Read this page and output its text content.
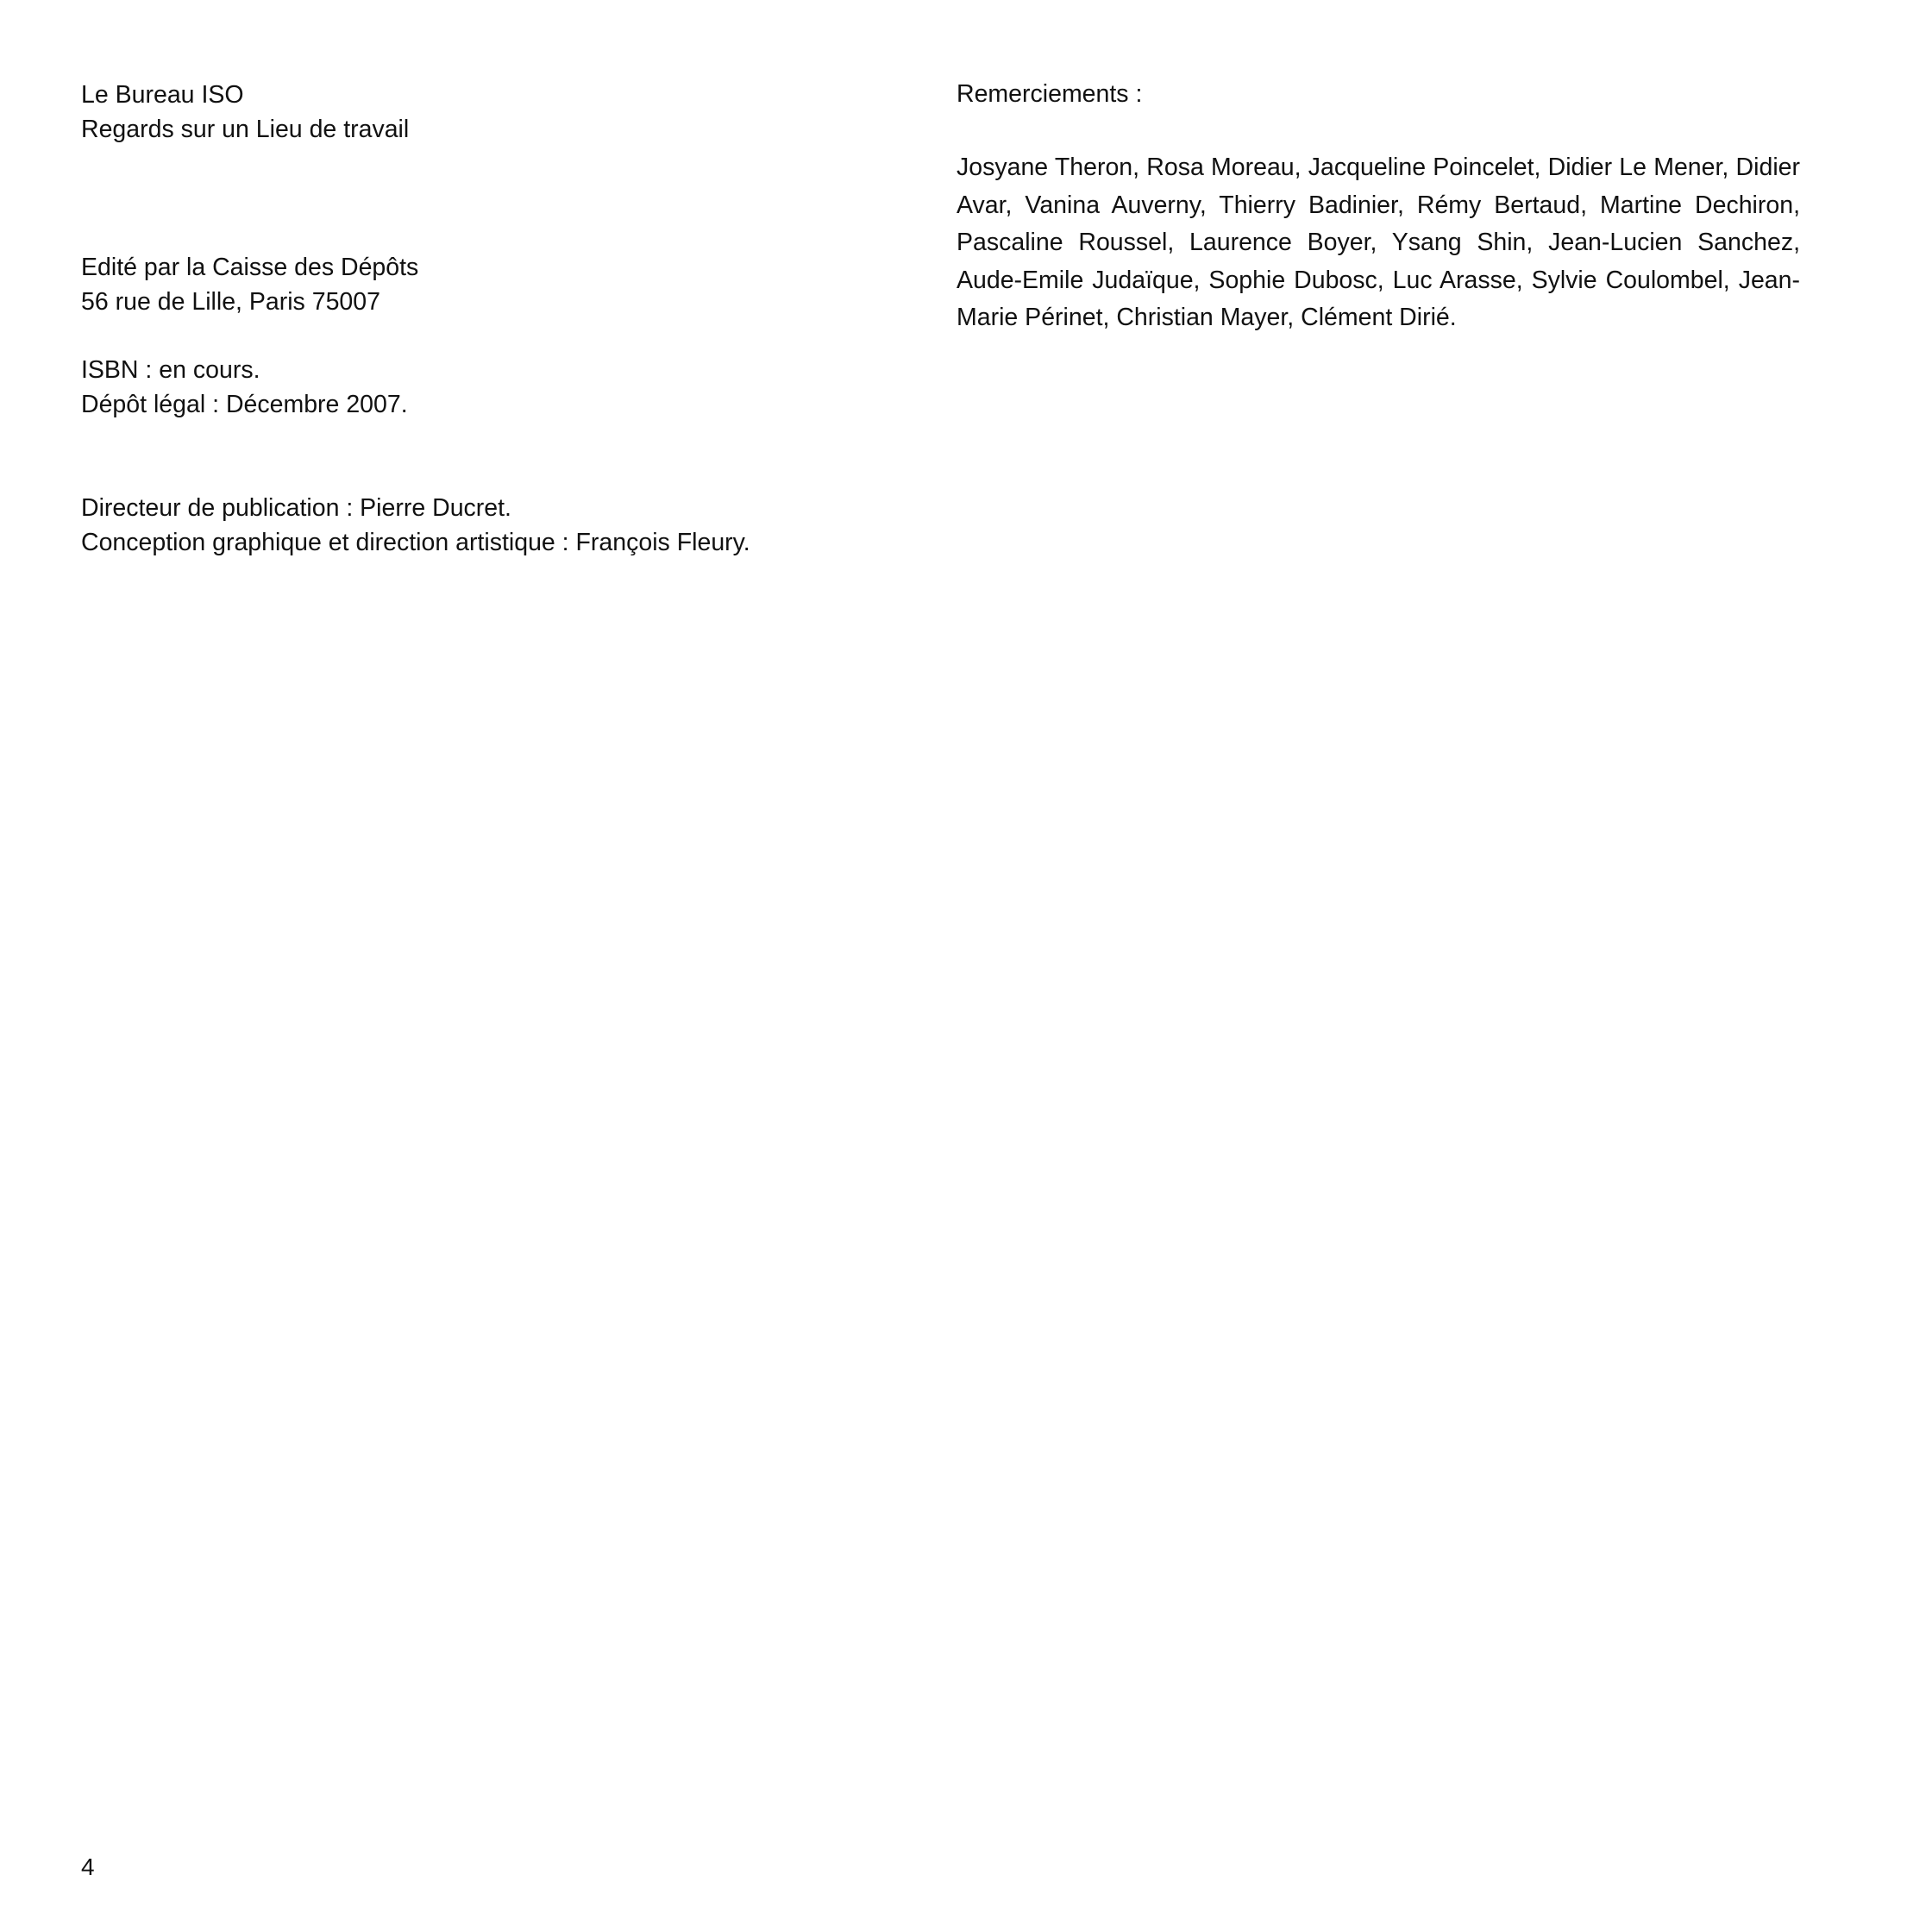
Le Bureau ISO

Regards sur un Lieu de travail

Edité par la Caisse des Dépôts

56 rue de Lille, Paris 75007

ISBN : en cours.

Dépôt légal : Décembre 2007.

Directeur de publication : Pierre Ducret.

Conception graphique et direction artistique : François Fleury.

Remerciements :

Josyane Theron, Rosa Moreau, Jacqueline Poincelet, Didier Le Mener, Didier Avar, Vanina Auverny, Thierry Badinier, Rémy Bertaud, Martine Dechiron, Pascaline Roussel, Laurence Boyer, Ysang Shin, Jean-Lucien Sanchez, Aude-Emile Judaïque, Sophie Dubosc, Luc Arasse, Sylvie Coulombel, Jean-Marie Périnet, Christian Mayer, Clément Dirié.

4
